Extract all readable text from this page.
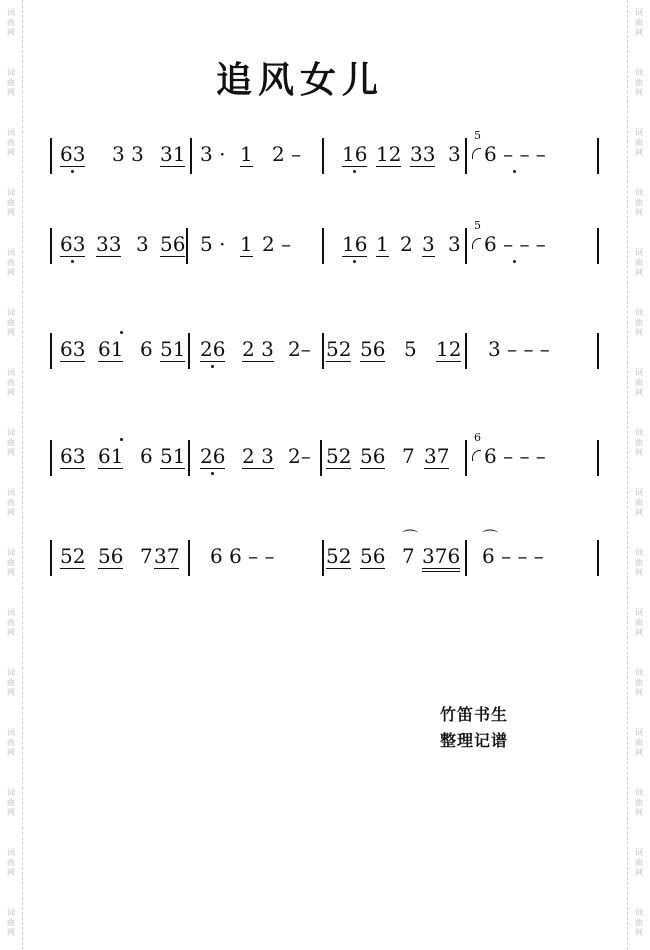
词
曲
网
词
曲
网
词
曲
网
词
曲
网
词
曲
网
词
曲
网
词
曲
网
词
曲
网
词
曲
网
词
曲
网
词
曲
网
词
曲
网
词
曲
网
词
曲
网
词
曲
网
词
曲
网
词
曲
网
词
曲
网
词
曲
网
词
曲
网
词
曲
网
词
曲
网
词
曲
网
词
曲
网
词
曲
网
词
曲
网
词
曲
网
词
曲
网
词
曲
网
词
曲
网
词
曲
网
词
曲
网
追风女儿
63 3 3 31 3 · 1 2 – 16 12 33 3 6 – – –
5
63 33 3 56 5 · 1 2 –	16 1 2 3 3 6 – – –
5
63 61 6 51 26 2 3 2– 52 56 5 12 3 – – –
63 61 6 51 26 2 3 2– 52 56 7 37 6 – – –
6
52 56 7 37 6 6 – –	52 56 7
⌒
376 6 – – –
⌒
竹笛书生
整理记谱
